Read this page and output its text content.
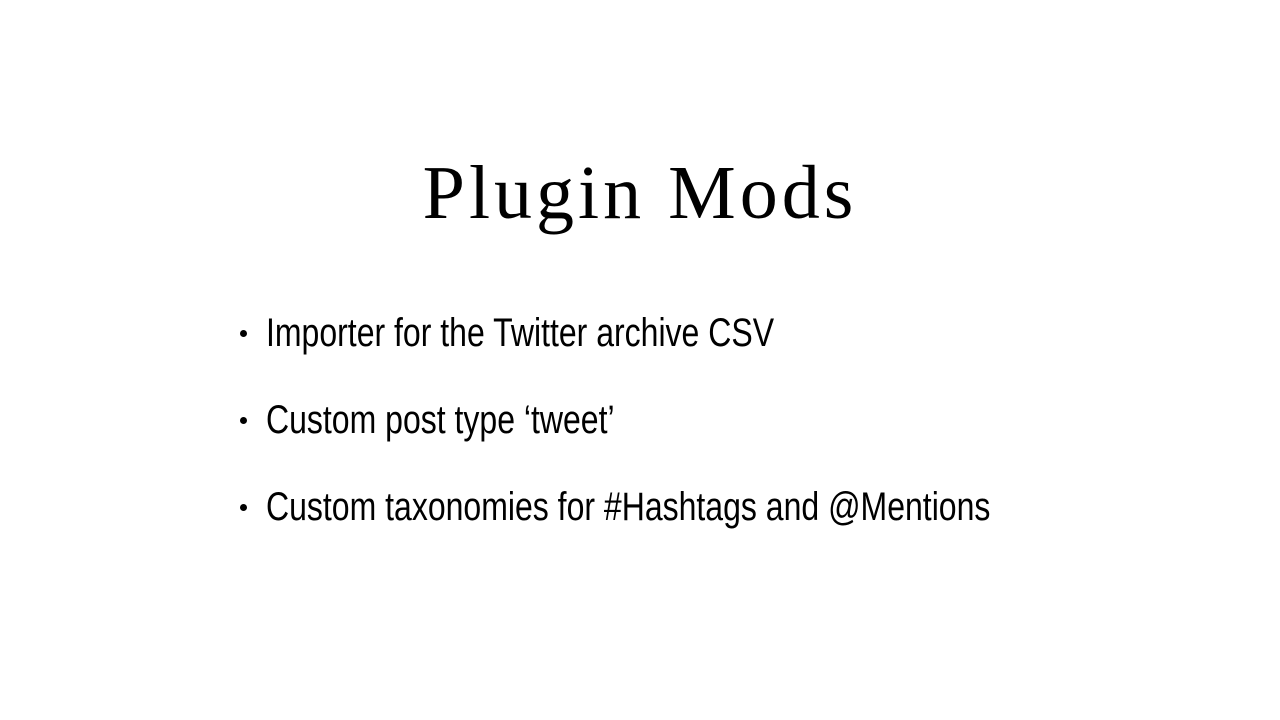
Plugin Mods
Importer for the Twitter archive CSV
Custom post type ‘tweet’
Custom taxonomies for #Hashtags and @Mentions
